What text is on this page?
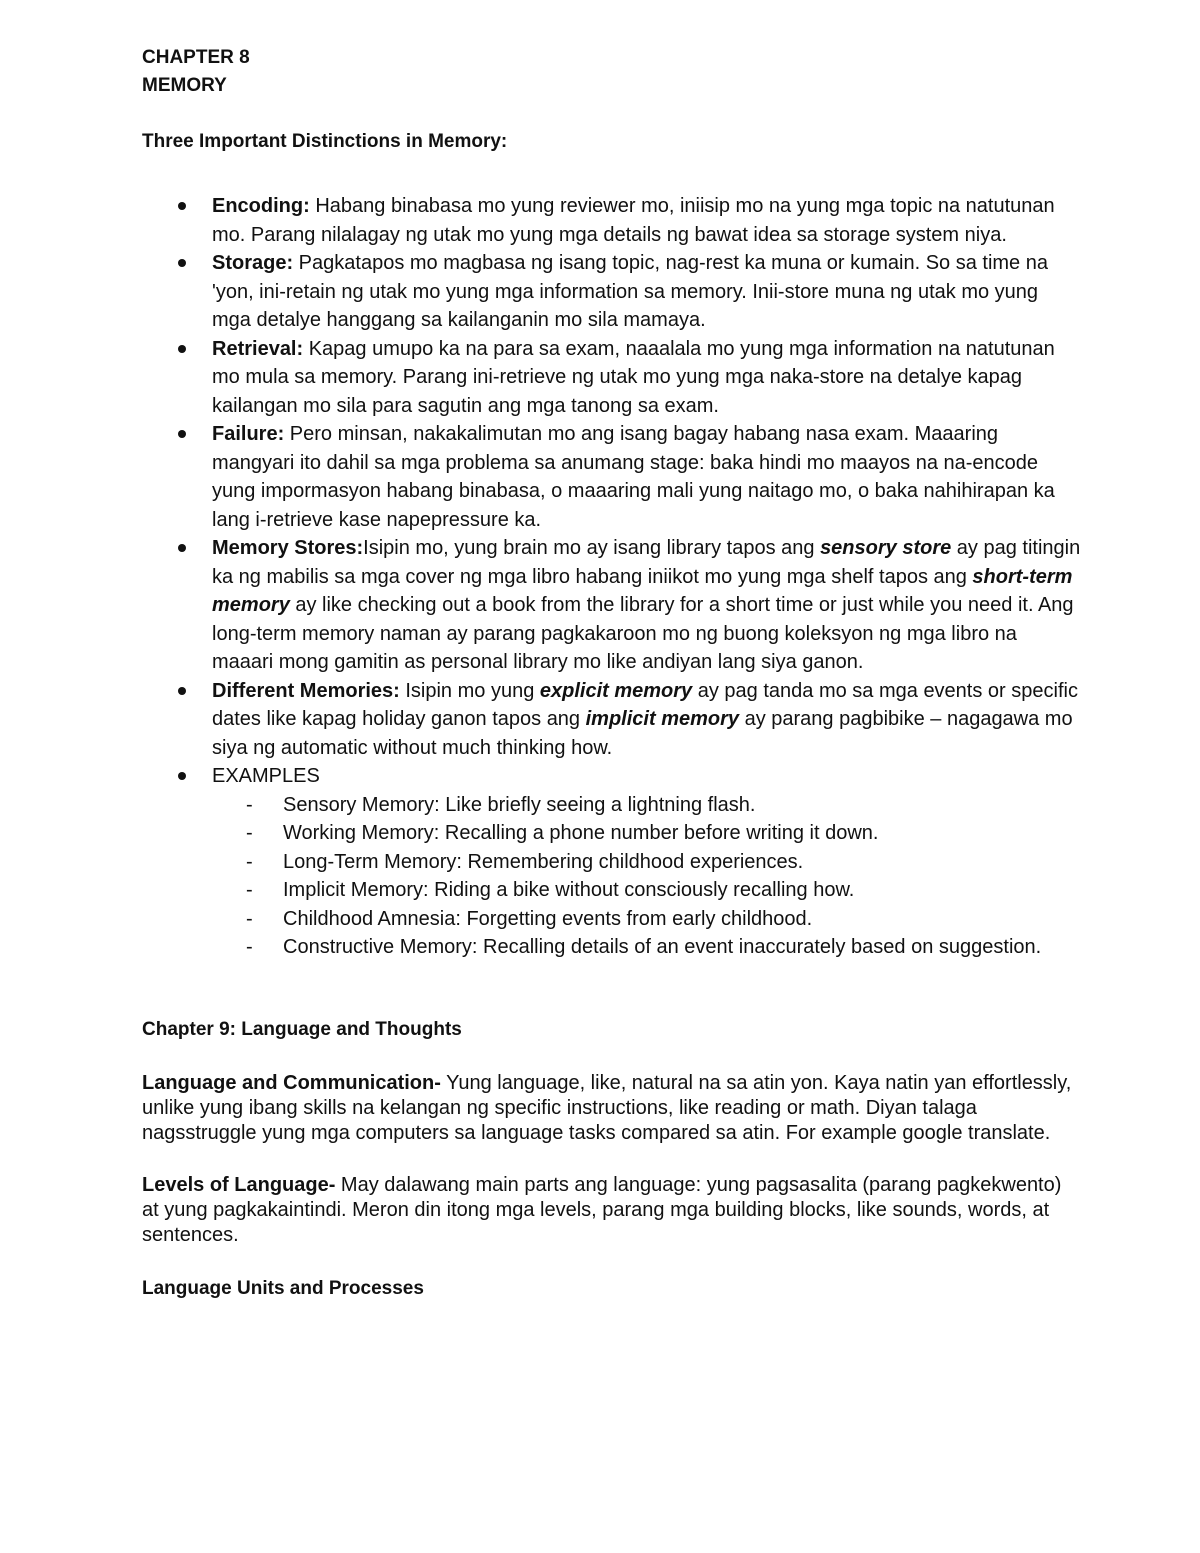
CHAPTER 8

MEMORY

Three Important Distinctions in Memory:

Encoding: Habang binabasa mo yung reviewer mo, iniisip mo na yung mga topic na natutunan mo. Parang nilalagay ng utak mo yung mga details ng bawat idea sa storage system niya.
Storage: Pagkatapos mo magbasa ng isang topic, nag-rest ka muna or kumain. So sa time na 'yon, ini-retain ng utak mo yung mga information sa memory. Inii-store muna ng utak mo yung mga detalye hanggang sa kailanganin mo sila mamaya.
Retrieval: Kapag umupo ka na para sa exam, naaalala mo yung mga information na natutunan mo mula sa memory. Parang ini-retrieve ng utak mo yung mga naka-store na detalye kapag kailangan mo sila para sagutin ang mga tanong sa exam.
Failure: Pero minsan, nakakalimutan mo ang isang bagay habang nasa exam. Maaaring mangyari ito dahil sa mga problema sa anumang stage: baka hindi mo maayos na na-encode yung impormasyon habang binabasa, o maaaring mali yung naitago mo, o baka nahihirapan ka lang i-retrieve kase napepressure ka.
Memory Stores:Isipin mo, yung brain mo ay isang library tapos ang sensory store ay pag titingin ka ng mabilis sa mga cover ng mga libro habang iniikot mo yung mga shelf tapos ang short-term memory ay like checking out a book from the library for a short time or just while you need it. Ang long-term memory naman ay parang pagkakaroon mo ng buong koleksyon ng mga libro na maaari mong gamitin as personal library mo like andiyan lang siya ganon.
Different Memories: Isipin mo yung explicit memory ay pag tanda mo sa mga events or specific dates like kapag holiday ganon tapos ang implicit memory ay parang pagbibike – nagagawa mo siya ng automatic without much thinking how.
EXAMPLES
- Sensory Memory: Like briefly seeing a lightning flash.
- Working Memory: Recalling a phone number before writing it down.
- Long-Term Memory: Remembering childhood experiences.
- Implicit Memory: Riding a bike without consciously recalling how.
- Childhood Amnesia: Forgetting events from early childhood.
- Constructive Memory: Recalling details of an event inaccurately based on suggestion.

Chapter 9: Language and Thoughts

Language and Communication- Yung language, like, natural na sa atin yon. Kaya natin yan effortlessly, unlike yung ibang skills na kelangan ng specific instructions, like reading or math. Diyan talaga nagsstruggle yung mga computers sa language tasks compared sa atin. For example google translate.

Levels of Language- May dalawang main parts ang language: yung pagsasalita (parang pagkekwento) at yung pagkakaintindi. Meron din itong mga levels, parang mga building blocks, like sounds, words, at sentences.

Language Units and Processes
